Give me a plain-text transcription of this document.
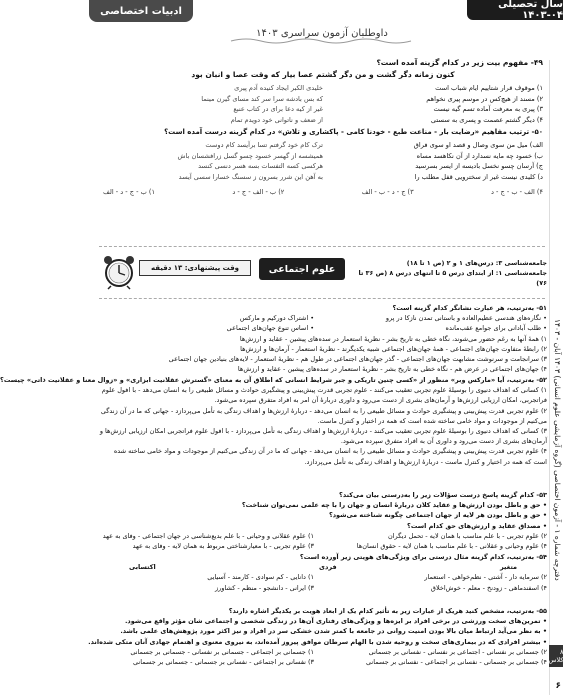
سال تحصیلی ۰۴-۱۴۰۳
ادبیات اختصاصی
داوطلبان آزمون سراسری ۱۴۰۳
دفترچه شماره ۱ - آزمون اختصاصی (گروه آزمایشی علوم انسانی) ۱۴۰۳ آبان - ۱۴۰۳
۸ کلاس
۶
۴۹- مفهوم بیت زیر در کدام گزینه آمده است؟
کنون زمانه دگر گشت و من دگر گشتم عصا بیار که وقت عصا و انبان بود
خلیدی الکبر ایجاد کنیده آدم پیری
که بس بادشه سرا سر کند مسای گیرن مینما
غیر از کیه دعا برای در کتاب عنبع
از ضعف و ناتوانی خود دویدم تمام
۱) موقوف قرار شتاییم ایام شباب است
۲) مسند از هیچ‌کس در موسم پیری نخواهم
۳) پیری به معرفت آماده تسم گیه نیست
۴) دیگر گشتم عصمت و پسری به سستی
۵۰- ترتیب مفاهیم «رضایت بار - مناعت طبع - خودنا کامی - پاکشاری و تلاش» در کدام گزینه درست آمده است؟
الف) میل من سوی وصال و قصد او سوی فراق
ب) خسود چه مایه نسدارد از آن نکاهسد مساه
ج) آرسان چسو نخسل بادیسه از ایسر بسرسید
د) کلیدی نیست غیر از سخترویی قفل مطلب را
ترک کام خود گرفتم تسا برآیسد کام دوست
همیشسه از گهسر خسود چسو گسل زرافشسان باش
هرکسی کسه التفسات بسه هسر دنسی کنسد
به آهن این شرر بسرون ز سسنگ خسارا سسی آیسد
۴) الف - ب - ج - د
۳) ج - د - ب - الف
۲) ب - الف - ج - د
۱) ب - ج - د - الف
وقت پیشنهادی: ۱۳ دقیقه	علوم اجتماعی
جامعه‌شناسی ۳: درس‌های ۱ و ۲ (ص ۱ تا ۱۸)
جامعه‌شناسی ۱: از ابتدای درس ۵ تا انتهای درس ۸ (ص ۳۶ تا ۷۶)
۵۱- به‌ترتیب، هر عبارت نشانگر کدام گزینه است؟
• نگاره‌های هندسی عظیم‌العاده و باستانی تمدن نازکا در پرو
• اشتراک دورکیم و مارکس
• طلب آبادانی برای جوامع عقب‌مانده
• اساس تنوع جهان‌های اجتماعی
۱) همهٔ آنها به رغم حضور می‌شوند، نگاه خطی به تاریخ بشر - نظریهٔ استعمار در سده‌های پیشین - عقاید و ارزش‌ها
۲) رابطهٔ متفاوت جهان‌های اجتماعی - همهٔ جهان‌های اجتماعی شبیه یکدیگرند - نظریهٔ استعمار - آرمان‌ها و ارزش‌ها
۳) سرانجامت و سرنوشت مشابهت جهان‌های اجتماعی - گذر جهان‌های اجتماعی در طول هم - نظریهٔ استعمار - لایه‌های بنیادین جهان اجتماعی
۴) جهان‌های اجتماعی در عرض هم - نگاه خطی به تاریخ بشر - نظریهٔ استعمار در سده‌های پیشین - عقاید و ارزش‌ها
۵۲- به‌ترتیب، آیا «مارکس وبر» منظور از «کسی چنین تاریکی و جبر شرایط انسانی که اطلاق آن به معنای «گسترش عقلانیت ابزاری» و «زوال معنا و عقلانیت ذاتی» چیست؟
۱) کسانی که اهداف دنیوی را بوسیلهٔ علوم تجربی تعقیب می‌کنند - علوم تجربی قدرت پیش‌بینی و پیشگیری حوادث و مسائل طبیعی را به انسان می‌دهد - با افول علوم فراتجربی، امکان ارزیابی ارزش‌ها و آرمان‌های بشری از دست می‌رود و داوری دربارهٔ آن امر به افراد متفرق سپرده می‌شود.
۲) علوم تجربی قدرت پیش‌بینی و پیشگیری حوادث و مسائل طبیعی را به انسان می‌دهد - دربارهٔ ارزش‌ها و اهداف زندگی به تأمل می‌پردازد - جهانی که ما در آن زندگی می‌کنیم از موجودات و مواد خامی ساخته شده است که همه در اختیار و کنترل ماست.
۳) کسانی که اهداف دنیوی را بوسیلهٔ علوم تجربی تعقیب می‌کنند - دربارهٔ ارزش‌ها و اهداف زندگی به تأمل می‌پردازد - با افول علوم فراتجربی امکان ارزیابی ارزش‌ها و آرمان‌های بشری از دست می‌رود و داوری آن به افراد متفرق سپرده می‌شود.
۴) علوم تجربی قدرت پیش‌بینی و پیشگیری حوادث و مسائل طبیعی را به انسان می‌دهد - جهانی که ما در آن زندگی می‌کنیم از موجودات و مواد خامی ساخته شده است که همه در اختیار و کنترل ماست - دربارهٔ ارزش‌ها و اهداف زندگی به تأمل می‌پردازد.
۵۳- کدام گزینه پاسخ درست سؤالات زیر را به‌درستی بیان می‌کند؟
• حق و باطل بودن ارزش‌ها و عقاید کلان دربارهٔ انسان و جهان را با چه علمی نمی‌توان شناخت؟
• حق و باطل بودن هر لایه از جهان اجتماعی چگونه شناخته می‌شود؟
• مصداق عقاید و ارزش‌های حق کدام است؟
۲) علوم تجربی - با علم مناسب با همان لایه - تحمل دیگران
۱) علوم عقلانی و وحیانی - با علم بدیع‌شناسی در جهان اجتماعی - وفای به عهد
۴) علوم وحیانی و عقلانی - با علم مناسب با همان لایه - حقوق انسان‌ها
۳) علوم تجربی - با معیار‌شناختی مربوط به همان لایه - وفای به عهد
۵۴- به‌ترتیب، کدام گزینه مثال درستی برای ویژگی‌های هویتی زیر آورده است؟
متغیر
فردی
اکتسابی
۲) سرمایه دار - آشتی - نظم‌خواهی - استعمار
۱) دانایی - کم سوادی - کارمند - آسیایی
۴) اسفندماهی - زودنخ - معلم - خوش‌اخلاق
۳) ایرانی - دانشجو - منظم - کشاورز
۵۵- به‌ترتیب، مشخص کنید هریک از عبارات زیر به تأثیر کدام یک از ابعاد هویت بر یکدیگر اشاره دارند؟
• تمرین‌های سخت ورزشی در برخی افراد بر ایزه‌ها و ویژگی‌های رفتاری آن‌ها در زندگی شخصی و اجتماعی شان مؤثر واقع می‌شود.
• به نظر می‌آید ارتباط میان بالا بودن امنیت روانی در جامعه با کمتر شدن خشکی سر در افراد و نیز اکثر مورد پژوهش‌های علمی باشد.
• بیشتر افرادی که در بیماری‌های سخت و روحیه شدن با الهام سرطان موافق پیروز آمده‌اند، به نیروی معنوی و اهتمام جهادی آنان متکی شده‌اند.
۲) جسمانی بر نفسانی - اجتماعی بر نفسانی - نفسانی بر جسمانی
۱) جسمانی بر اجتماعی - جسمانی بر نفسانی - جسمانی بر جسمانی
۴) جسمانی بر جسمانی - نفسانی بر اجتماعی - نفسانی بر جسمانی
۳) نفسانی بر اجتماعی - نفسانی بر جسمانی - جسمانی بر جسمانی
